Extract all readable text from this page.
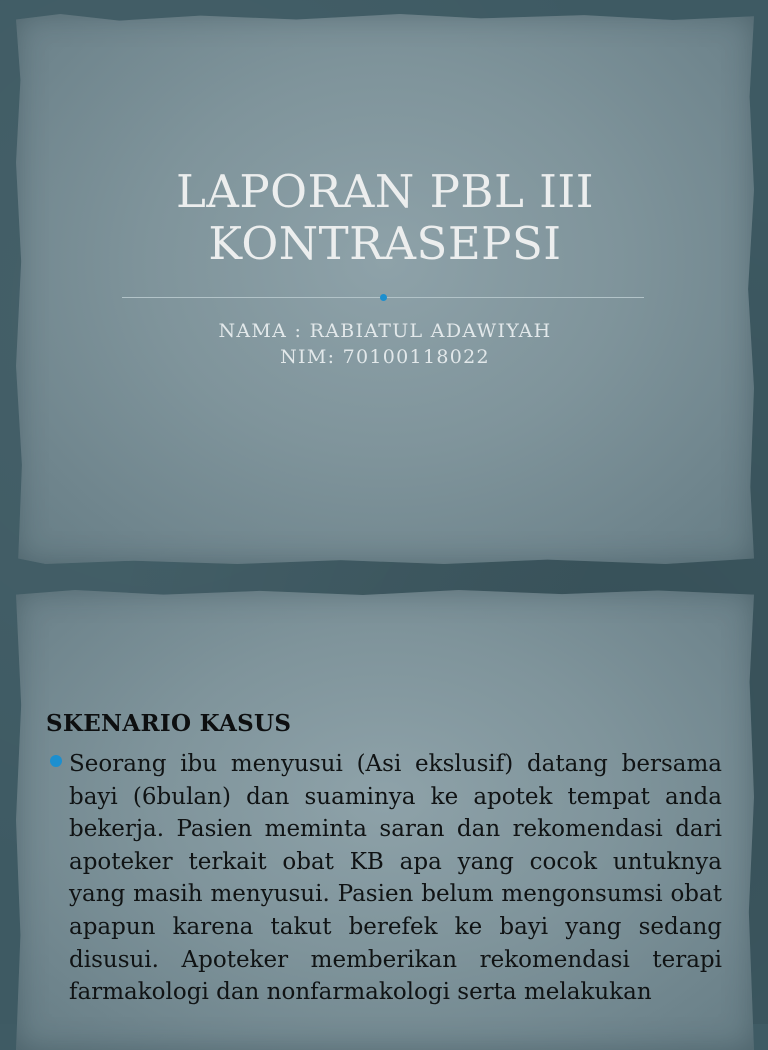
LAPORAN PBL III
KONTRASEPSI
NAMA : RABIATUL ADAWIYAH
NIM: 70100118022
SKENARIO KASUS
Seorang ibu menyusui (Asi ekslusif) datang bersama bayi (6bulan) dan suaminya ke apotek tempat anda bekerja. Pasien meminta saran dan rekomendasi dari apoteker terkait obat KB apa yang cocok untuknya yang masih menyusui. Pasien belum mengonsumsi obat apapun karena takut berefek ke bayi yang sedang disusui. Apoteker memberikan rekomendasi terapi farmakologi dan nonfarmakologi serta melakukan
